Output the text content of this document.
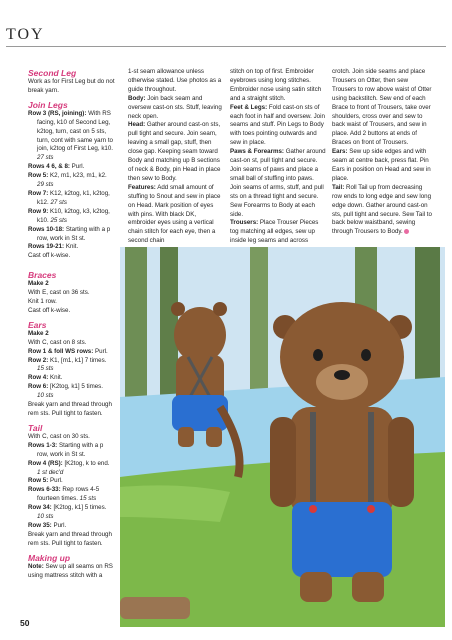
TOY

Second Leg

Work as for First Leg but do not break yarn.

Join Legs

Row 3 (RS, joining): With RS facing, k10 of Second Leg, k2tog, turn, cast on 5 sts, turn, cont with same yarn to join, k2tog of First Leg, k10.
27 sts

Rows 4 6, & 8: Purl.

Row 5: K2, m1, k23, m1, k2.
29 sts

Row 7: K12, k2tog, k1, k2tog, k12. 27 sts

Row 9: K10, k2tog, k3, k2tog, k10. 25 sts

Rows 10-18: Starting with a p row, work in St st.

Rows 19-21: Knit.

Cast off k-wise.

Braces

Make 2

With E, cast on 36 sts.

Knit 1 row.

Cast off k-wise.

Ears

Make 2

With C, cast on 8 sts.

Row 1 & foll WS rows: Purl.

Row 2: K1, [m1, k1] 7 times.
15 sts

Row 4: Knit.

Row 6: [K2tog, k1] 5 times.
10 sts

Break yarn and thread through rem sts. Pull tight to fasten.

Tail

With C, cast on 30 sts.

Rows 1-3: Starting with a p row, work in St st.

Row 4 (RS): [K2tog, k to end.
1 st dec'd

Row 5: Purl.

Rows 6-33: Rep rows 4-5 fourteen times. 15 sts

Row 34: [K2tog, k1] 5 times.
10 sts

Row 35: Purl.

Break yarn and thread through rem sts. Pull tight to fasten.

Making up

Note: Sew up all seams on RS using mattress stitch with a

1-st seam allowance unless otherwise stated. Use photos as a guide throughout.

Body: Join back seam and oversew cast-on sts. Stuff, leaving neck open.

Head: Gather around cast-on sts, pull tight and secure. Join seam, leaving a small gap, stuff, then close gap. Keeping seam toward Body and matching up B sections of neck & Body, pin Head in place then sew to Body.

Features: Add small amount of stuffing to Snout and sew in place on Head. Mark position of eyes with pins. With black DK, embroider eyes using a vertical chain stitch for each eye, then a second chain

stitch on top of first. Embroider eyebrows using long stitches. Embroider nose using satin stitch and a straight stitch.

Feet & Legs: Fold cast-on sts of each foot in half and oversew. Join seams and stuff. Pin Legs to Body with toes pointing outwards and sew in place.

Paws & Forearms: Gather around cast-on st, pull tight and secure. Join seams of paws and place a small ball of stuffing into paws. Join seams of arms, stuff, and pull sts on a thread tight and secure. Sew Forearms to Body at each side.

Trousers: Place Trouser Pieces tog matching all edges, sew up inside leg seams and across

crotch. Join side seams and place Trousers on Otter, then sew Trousers to row above waist of Otter using backstitch. Sew end of each Brace to front of Trousers, take over shoulders, cross over and sew to back waist of Trousers, and sew in place. Add 2 buttons at ends of Braces on front of Trousers.

Ears: Sew up side edges and with seam at centre back, press flat. Pin Ears in position on Head and sew in place.

Tail: Roll Tail up from decreasing row ends to long edge and sew long edge down. Gather around cast-on sts, pull tight and secure. Sew Tail to back below waistband, sewing through Trousers to Body.

50
